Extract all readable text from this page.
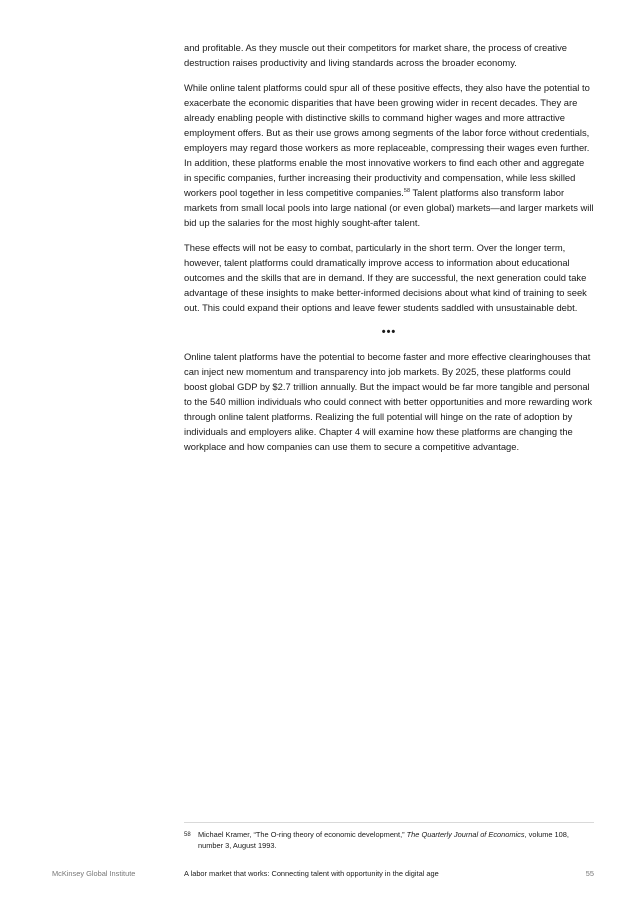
and profitable. As they muscle out their competitors for market share, the process of creative destruction raises productivity and living standards across the broader economy.

While online talent platforms could spur all of these positive effects, they also have the potential to exacerbate the economic disparities that have been growing wider in recent decades. They are already enabling people with distinctive skills to command higher wages and more attractive employment offers. But as their use grows among segments of the labor force without credentials, employers may regard those workers as more replaceable, compressing their wages even further. In addition, these platforms enable the most innovative workers to find each other and aggregate in specific companies, further increasing their productivity and compensation, while less skilled workers pool together in less competitive companies.$^{58}$ Talent platforms also transform labor markets from small local pools into large national (or even global) markets—and larger markets will bid up the salaries for the most highly sought-after talent.

These effects will not be easy to combat, particularly in the short term. Over the longer term, however, talent platforms could dramatically improve access to information about educational outcomes and the skills that are in demand. If they are successful, the next generation could take advantage of these insights to make better-informed decisions about what kind of training to seek out. This could expand their options and leave fewer students saddled with unsustainable debt.

•••

Online talent platforms have the potential to become faster and more effective clearinghouses that can inject new momentum and transparency into job markets. By 2025, these platforms could boost global GDP by $2.7 trillion annually. But the impact would be far more tangible and personal to the 540 million individuals who could connect with better opportunities and more rewarding work through online talent platforms. Realizing the full potential will hinge on the rate of adoption by individuals and employers alike. Chapter 4 will examine how these platforms are changing the workplace and how companies can use them to secure a competitive advantage.

58 Michael Kramer, “The O-ring theory of economic development,” The Quarterly Journal of Economics, volume 108, number 3, August 1993.
McKinsey Global Institute	A labor market that works: Connecting talent with opportunity in the digital age	55
